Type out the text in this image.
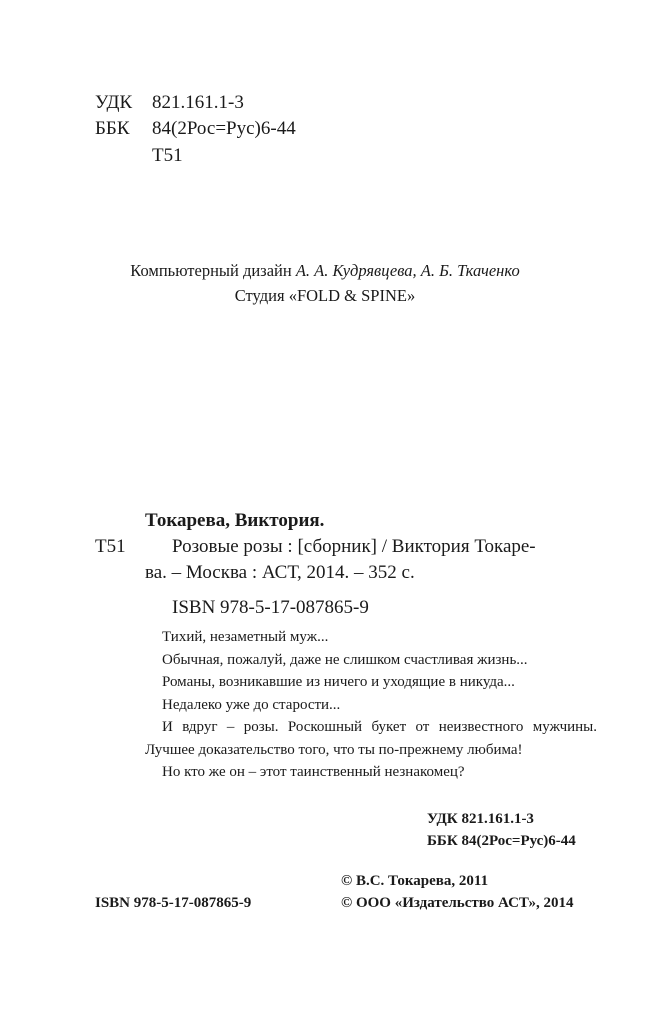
УДК 821.161.1-3
ББК 84(2Рос=Рус)6-44
Т51
Компьютерный дизайн А. А. Кудрявцева, А. Б. Ткаченко
Студия «FOLD & SPINE»
Токарева, Виктория.
Т51 Розовые розы : [сборник] / Виктория Токаре-
ва. – Москва : АСТ, 2014. – 352 с.
ISBN 978-5-17-087865-9

Тихий, незаметный муж...

Обычная, пожалуй, даже не слишком счастливая жизнь...

Романы, возникавшие из ничего и уходящие в никуда...

Недалеко уже до старости...

И вдруг – розы. Роскошный букет от неизвестного мужчины. Лучшее доказательство того, что ты по-прежнему любима!

Но кто же он – этот таинственный незнакомец?

УДК 821.161.1-3
ББК 84(2Рос=Рус)6-44
© В.С. Токарева, 2011
© ООО «Издательство АСТ», 2014
ISBN 978-5-17-087865-9
